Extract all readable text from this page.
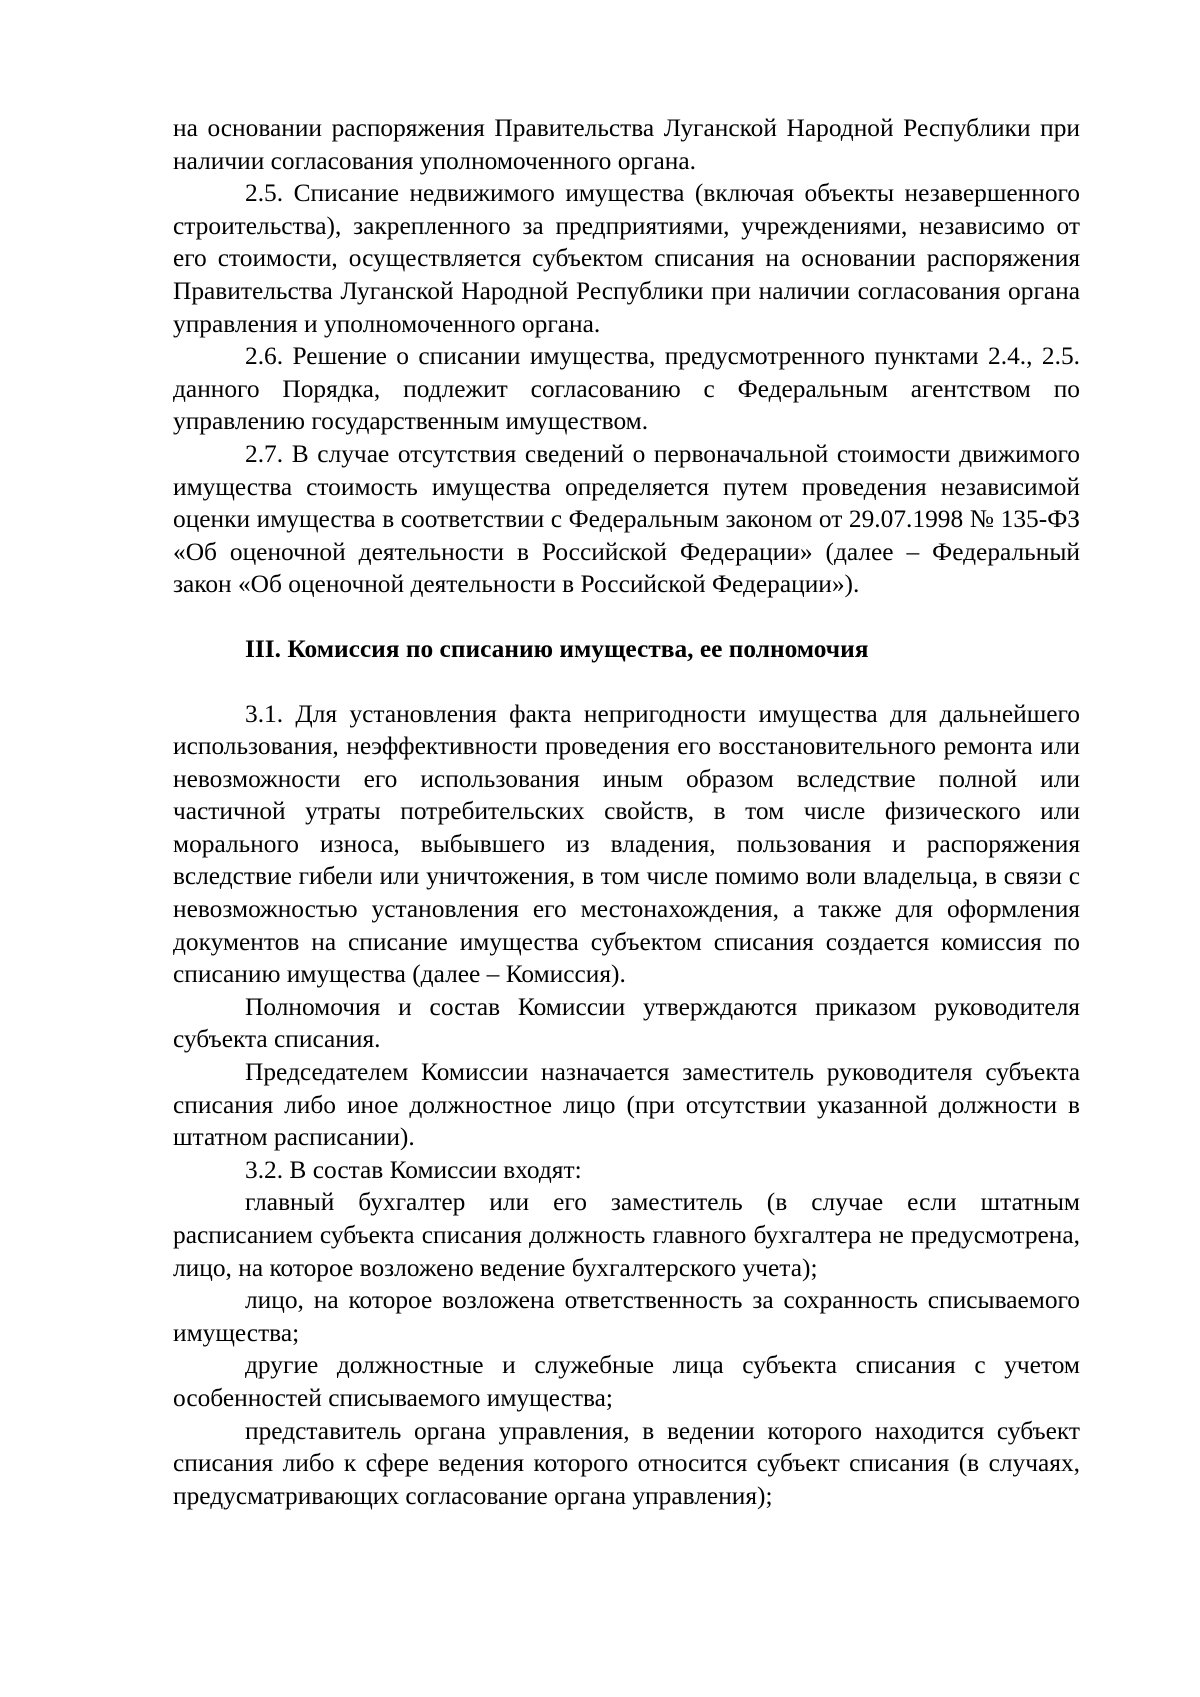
на основании распоряжения Правительства Луганской Народной Республики при наличии согласования уполномоченного органа.

2.5. Списание недвижимого имущества (включая объекты незавершенного строительства), закрепленного за предприятиями, учреждениями, независимо от его стоимости, осуществляется субъектом списания на основании распоряжения Правительства Луганской Народной Республики при наличии согласования органа управления и уполномоченного органа.

2.6. Решение о списании имущества, предусмотренного пунктами 2.4., 2.5. данного Порядка, подлежит согласованию с Федеральным агентством по управлению государственным имуществом.

2.7. В случае отсутствия сведений о первоначальной стоимости движимого имущества стоимость имущества определяется путем проведения независимой оценки имущества в соответствии с Федеральным законом от 29.07.1998 № 135-ФЗ «Об оценочной деятельности в Российской Федерации» (далее – Федеральный закон «Об оценочной деятельности в Российской Федерации»).

III. Комиссия по списанию имущества, ее полномочия

3.1. Для установления факта непригодности имущества для дальнейшего использования, неэффективности проведения его восстановительного ремонта или невозможности его использования иным образом вследствие полной или частичной утраты потребительских свойств, в том числе физического или морального износа, выбывшего из владения, пользования и распоряжения вследствие гибели или уничтожения, в том числе помимо воли владельца, в связи с невозможностью установления его местонахождения, а также для оформления документов на списание имущества субъектом списания создается комиссия по списанию имущества (далее – Комиссия).

Полномочия и состав Комиссии утверждаются приказом руководителя субъекта списания.

Председателем Комиссии назначается заместитель руководителя субъекта списания либо иное должностное лицо (при отсутствии указанной должности в штатном расписании).

3.2. В состав Комиссии входят:

главный бухгалтер или его заместитель (в случае если штатным расписанием субъекта списания должность главного бухгалтера не предусмотрена, лицо, на которое возложено ведение бухгалтерского учета);

лицо, на которое возложена ответственность за сохранность списываемого имущества;

другие должностные и служебные лица субъекта списания с учетом особенностей списываемого имущества;

представитель органа управления, в ведении которого находится субъект списания либо к сфере ведения которого относится субъект списания (в случаях, предусматривающих согласование органа управления);
